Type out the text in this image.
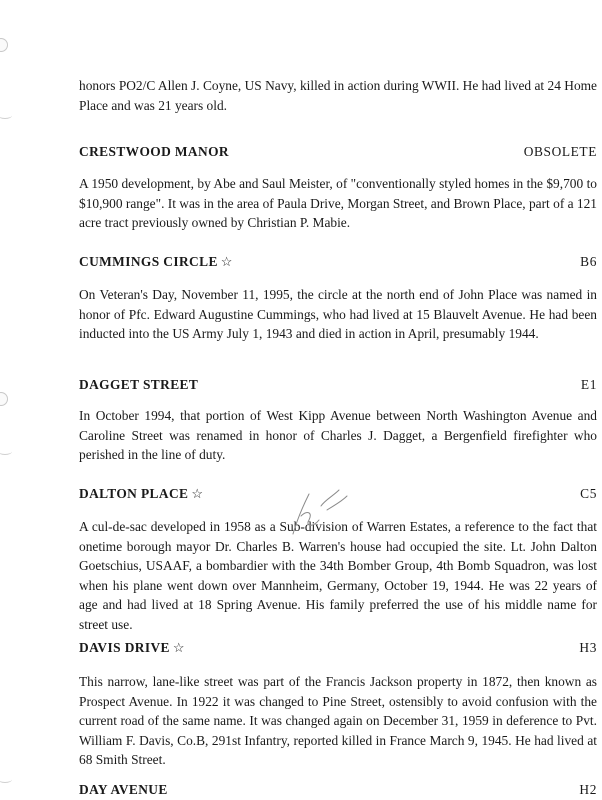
honors PO2/C Allen J. Coyne, US Navy, killed in action during WWII. He had lived at 24 Home Place and was 21 years old.

CRESTWOOD MANOR	OBSOLETE

A 1950 development, by Abe and Saul Meister, of "conventionally styled homes in the $9,700 to $10,900 range". It was in the area of Paula Drive, Morgan Street, and Brown Place, part of a 121 acre tract previously owned by Christian P. Mabie.

CUMMINGS CIRCLE ☆	B6

On Veteran's Day, November 11, 1995, the circle at the north end of John Place was named in honor of Pfc. Edward Augustine Cummings, who had lived at 15 Blauvelt Avenue. He had been inducted into the US Army July 1, 1943 and died in action in April, presumably 1944.

DAGGET STREET	E1

In October 1994, that portion of West Kipp Avenue between North Washington Avenue and Caroline Street was renamed in honor of Charles J. Dagget, a Bergenfield firefighter who perished in the line of duty.

DALTON PLACE ☆	C5

A cul-de-sac developed in 1958 as a Sub-division of Warren Estates, a reference to the fact that onetime borough mayor Dr. Charles B. Warren's house had occupied the site. Lt. John Dalton Goetschius, USAAF, a bombardier with the 34th Bomber Group, 4th Bomb Squadron, was lost when his plane went down over Mannheim, Germany, October 19, 1944. He was 22 years of age and had lived at 18 Spring Avenue. His family preferred the use of his middle name for street use.

DAVIS DRIVE ☆	H3

This narrow, lane-like street was part of the Francis Jackson property in 1872, then known as Prospect Avenue. In 1922 it was changed to Pine Street, ostensibly to avoid confusion with the current road of the same name. It was changed again on December 31, 1959 in deference to Pvt. William F. Davis, Co.B, 291st Infantry, reported killed in France March 9, 1945. He had lived at 68 Smith Street.

DAY AVENUE	H2
